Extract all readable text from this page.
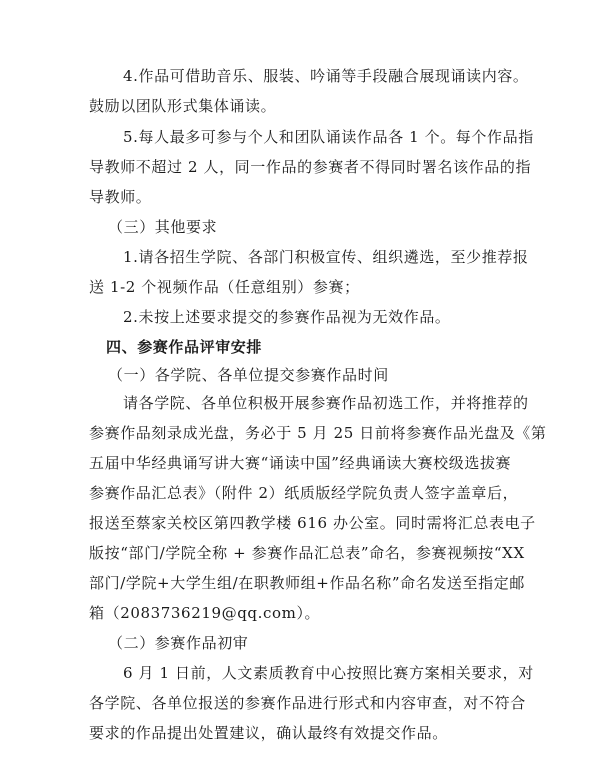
4.作品可借助音乐、服装、吟诵等手段融合展现诵读内容。
鼓励以团队形式集体诵读。
5.每人最多可参与个人和团队诵读作品各 1 个。每个作品指
导教师不超过 2 人，同一作品的参赛者不得同时署名该作品的指
导教师。
（三）其他要求
1.请各招生学院、各部门积极宣传、组织遴选，至少推荐报
送 1-2 个视频作品（任意组别）参赛；
2.未按上述要求提交的参赛作品视为无效作品。
四、参赛作品评审安排
（一）各学院、各单位提交参赛作品时间
请各学院、各单位积极开展参赛作品初选工作，并将推荐的
参赛作品刻录成光盘，务必于 5 月 25 日前将参赛作品光盘及《第
五届中华经典诵写讲大赛“诵读中国”经典诵读大赛校级选拔赛
参赛作品汇总表》（附件 2）纸质版经学院负责人签字盖章后，
报送至蔡家关校区第四教学楼 616 办公室。同时需将汇总表电子
版按“部门/学院全称 + 参赛作品汇总表”命名，参赛视频按“XX
部门/学院+大学生组/在职教师组+作品名称”命名发送至指定邮
箱（2083736219@qq.com）。
（二）参赛作品初审
6 月 1 日前，人文素质教育中心按照比赛方案相关要求，对
各学院、各单位报送的参赛作品进行形式和内容审查，对不符合
要求的作品提出处置建议，确认最终有效提交作品。
